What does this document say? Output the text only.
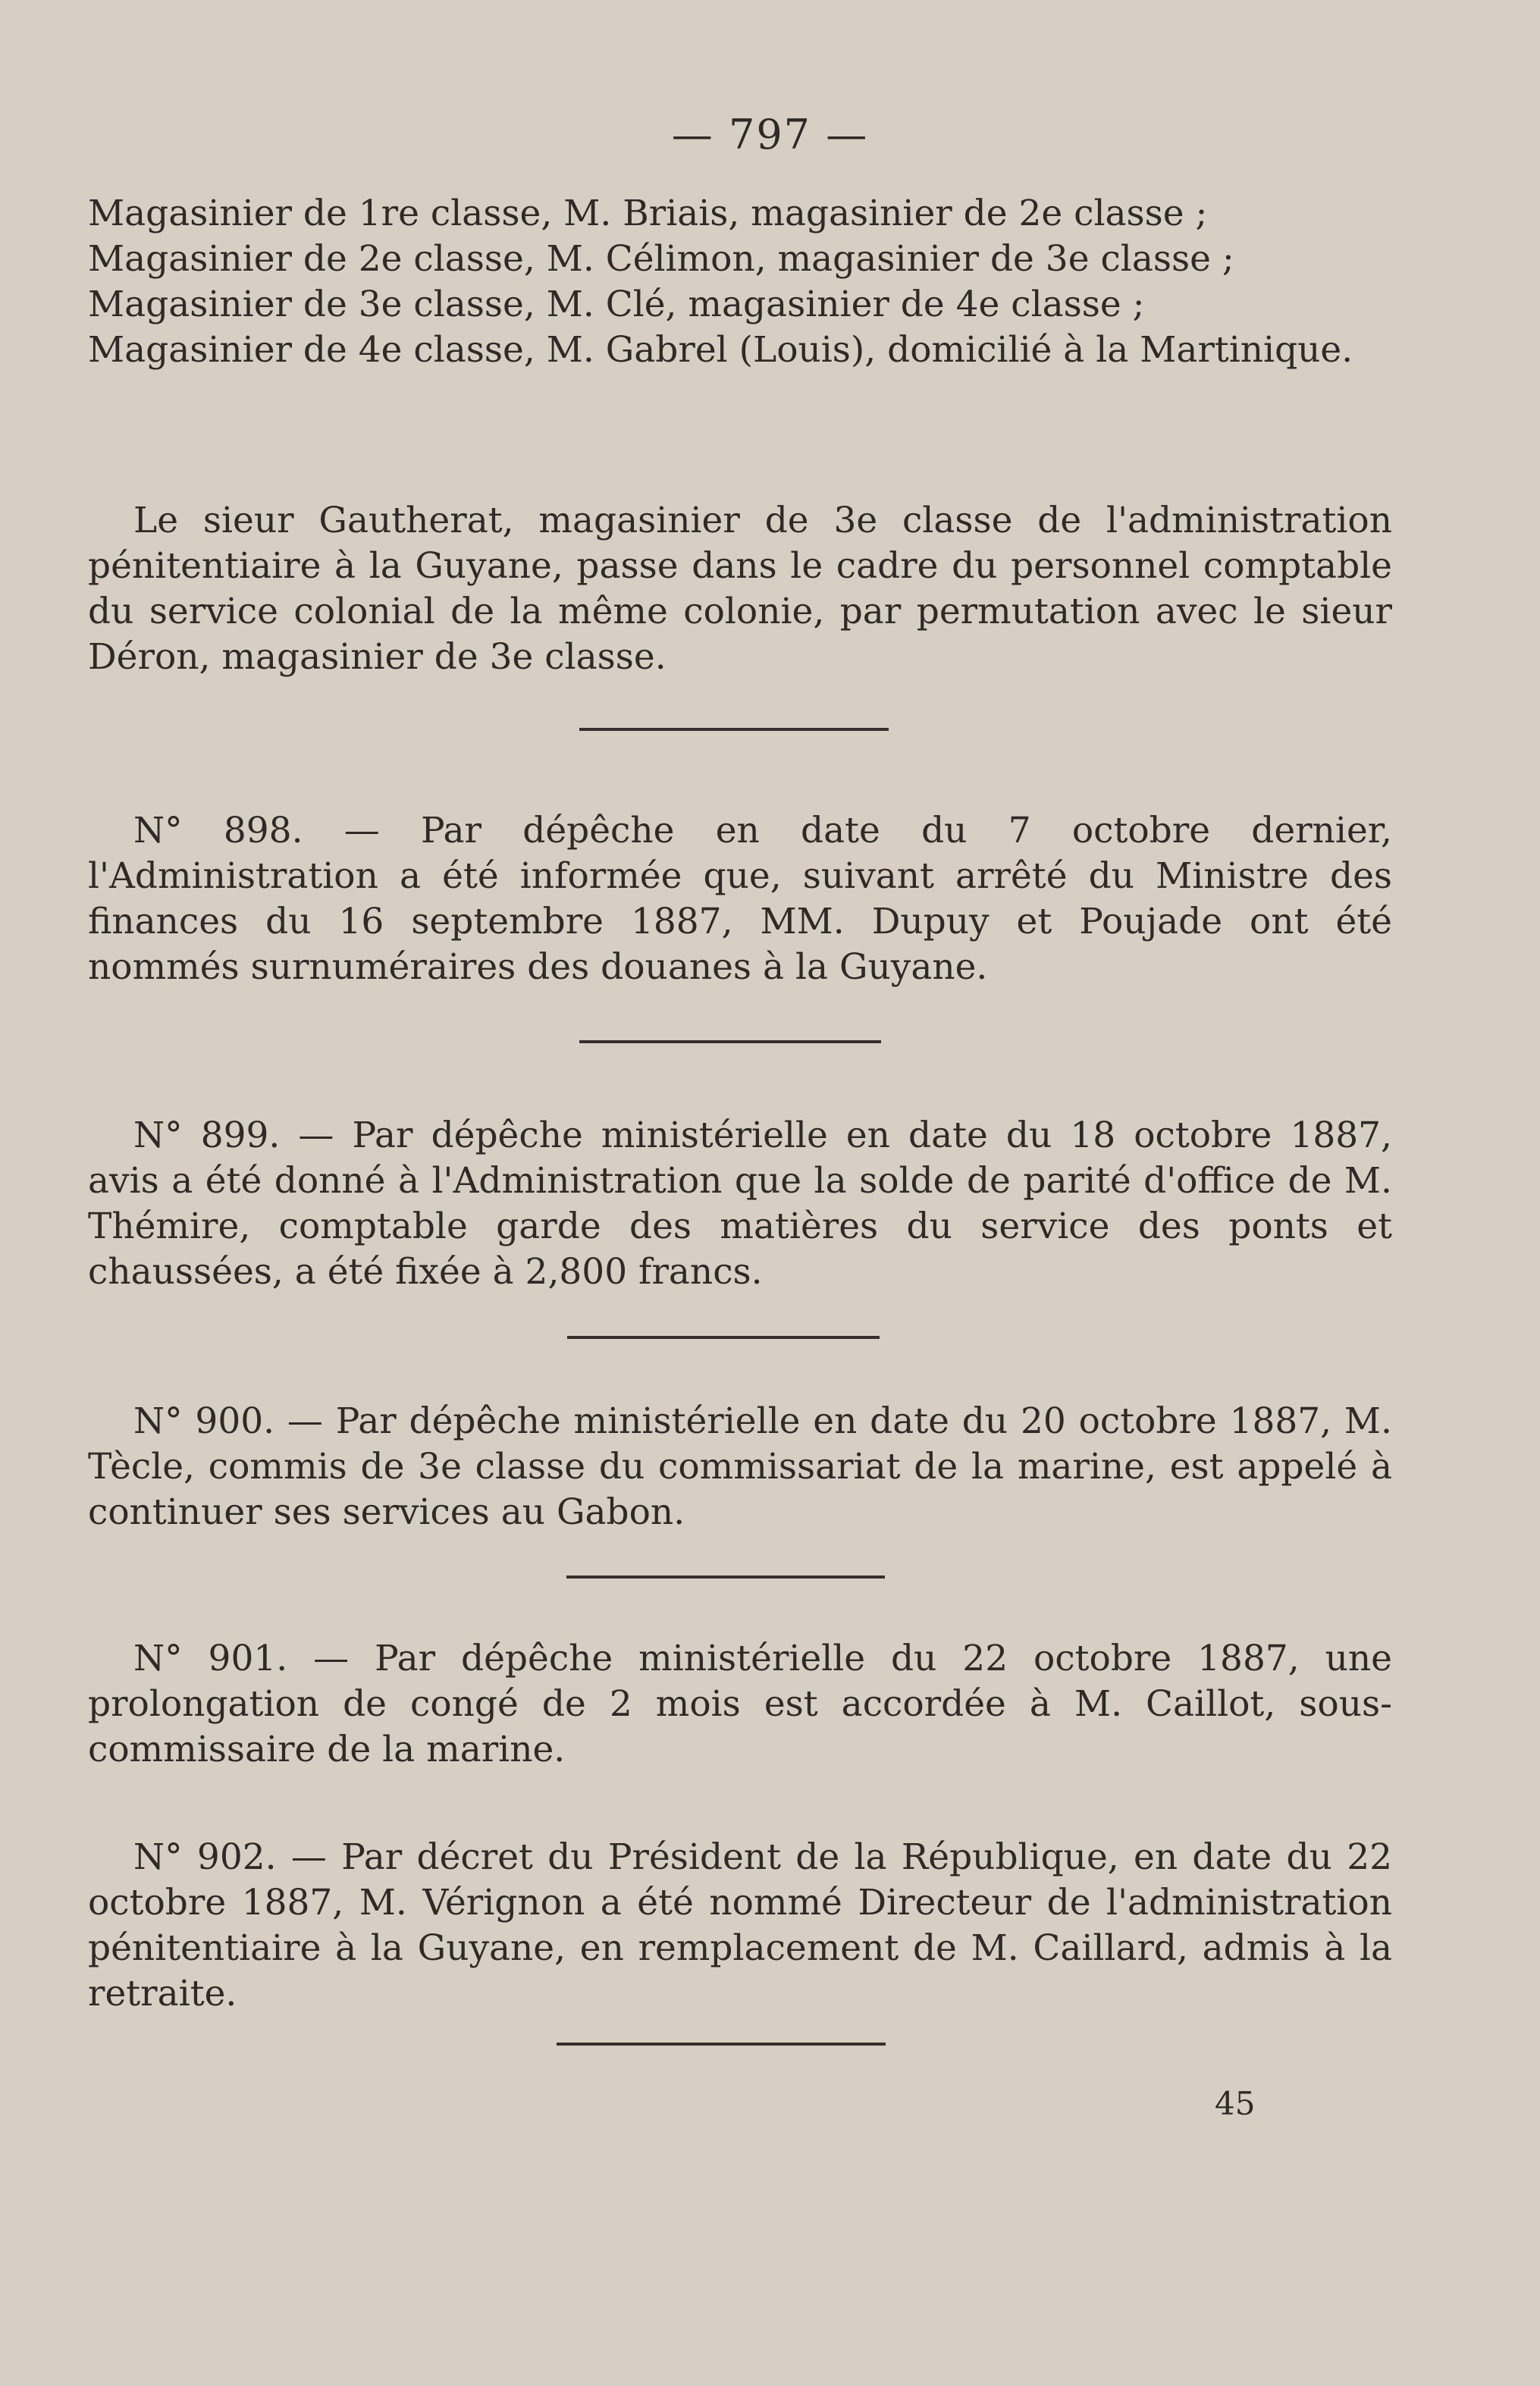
— 797 —

Magasinier de 1re classe, M. Briais, magasinier de 2e classe ;

Magasinier de 2e classe, M. Célimon, magasinier de 3e classe ;

Magasinier de 3e classe, M. Clé, magasinier de 4e classe ;

Magasinier de 4e classe, M. Gabrel (Louis), domicilié à la Martinique.

Le sieur Gautherat, magasinier de 3e classe de l'administration pénitentiaire à la Guyane, passe dans le cadre du personnel comptable du service colonial de la même colonie, par permutation avec le sieur Déron, magasinier de 3e classe.

N° 898. — Par dépêche en date du 7 octobre dernier, l'Administration a été informée que, suivant arrêté du Ministre des finances du 16 septembre 1887, MM. Dupuy et Poujade ont été nommés surnuméraires des douanes à la Guyane.

N° 899. — Par dépêche ministérielle en date du 18 octobre 1887, avis a été donné à l'Administration que la solde de parité d'office de M. Thémire, comptable garde des matières du service des ponts et chaussées, a été fixée à 2,800 francs.

N° 900. — Par dépêche ministérielle en date du 20 octobre 1887, M. Tècle, commis de 3e classe du commissariat de la marine, est appelé à continuer ses services au Gabon.

N° 901. — Par dépêche ministérielle du 22 octobre 1887, une prolongation de congé de 2 mois est accordée à M. Caillot, sous-commissaire de la marine.

N° 902. — Par décret du Président de la République, en date du 22 octobre 1887, M. Vérignon a été nommé Directeur de l'administration pénitentiaire à la Guyane, en remplacement de M. Caillard, admis à la retraite.

45
